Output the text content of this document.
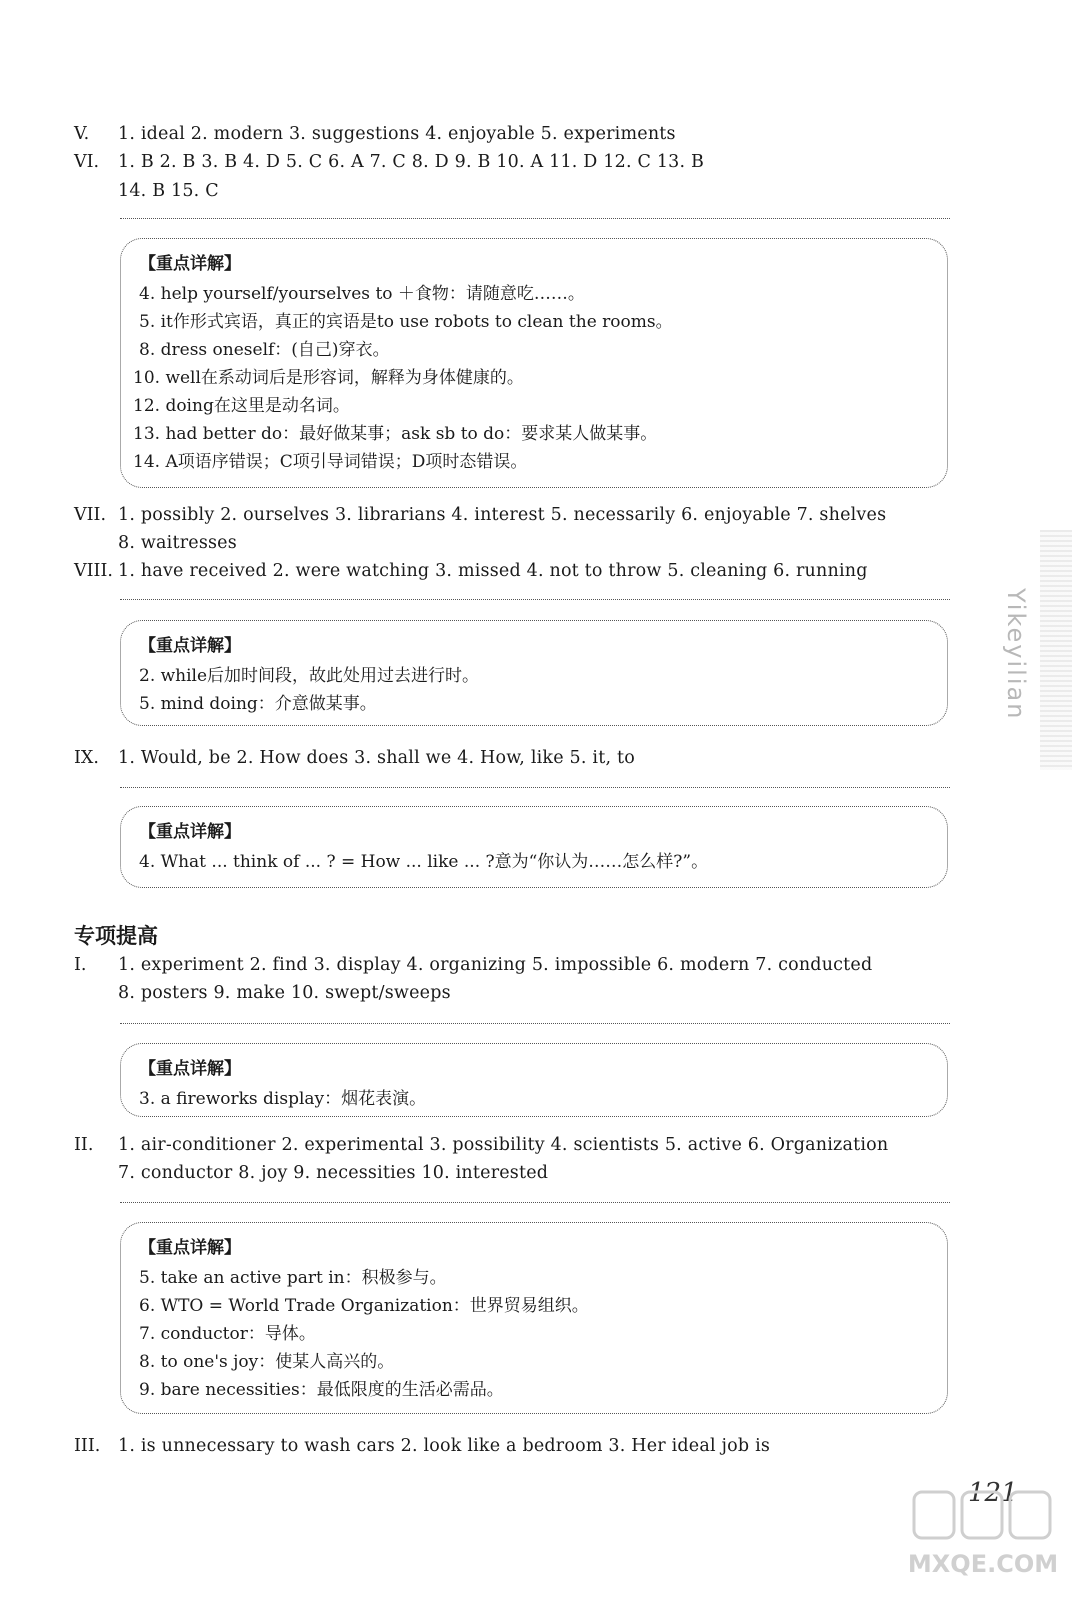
V. 1. ideal 2. modern 3. suggestions 4. enjoyable 5. experiments
VI. 1. B 2. B 3. B 4. D 5. C 6. A 7. C 8. D 9. B 10. A 11. D 12. C 13. B
14. B 15. C
【重点详解】
4. help yourself/yourselves to ＋食物：请随意吃……。
5. it作形式宾语，真正的宾语是to use robots to clean the rooms。
8. dress oneself：(自己)穿衣。
10. well在系动词后是形容词，解释为身体健康的。
12. doing在这里是动名词。
13. had better do：最好做某事；ask sb to do：要求某人做某事。
14. A项语序错误；C项引导词错误；D项时态错误。
VII. 1. possibly 2. ourselves 3. librarians 4. interest 5. necessarily 6. enjoyable 7. shelves
8. waitresses
VIII. 1. have received 2. were watching 3. missed 4. not to throw 5. cleaning 6. running
【重点详解】
2. while后加时间段，故此处用过去进行时。
5. mind doing：介意做某事。
IX. 1. Would, be 2. How does 3. shall we 4. How, like 5. it, to
【重点详解】
4. What ... think of ... ? = How ... like ... ?意为“你认为……怎么样?”。
专项提高
I. 1. experiment 2. find 3. display 4. organizing 5. impossible 6. modern 7. conducted
8. posters 9. make 10. swept/sweeps
【重点详解】
3. a fireworks display：烟花表演。
II. 1. air-conditioner 2. experimental 3. possibility 4. scientists 5. active 6. Organization
7. conductor 8. joy 9. necessities 10. interested
【重点详解】
5. take an active part in：积极参与。
6. WTO = World Trade Organization：世界贸易组织。
7. conductor：导体。
8. to one's joy：使某人高兴的。
9. bare necessities：最低限度的生活必需品。
III. 1. is unnecessary to wash cars 2. look like a bedroom 3. Her ideal job is
Yikeyilian
121
MXQE.COM
